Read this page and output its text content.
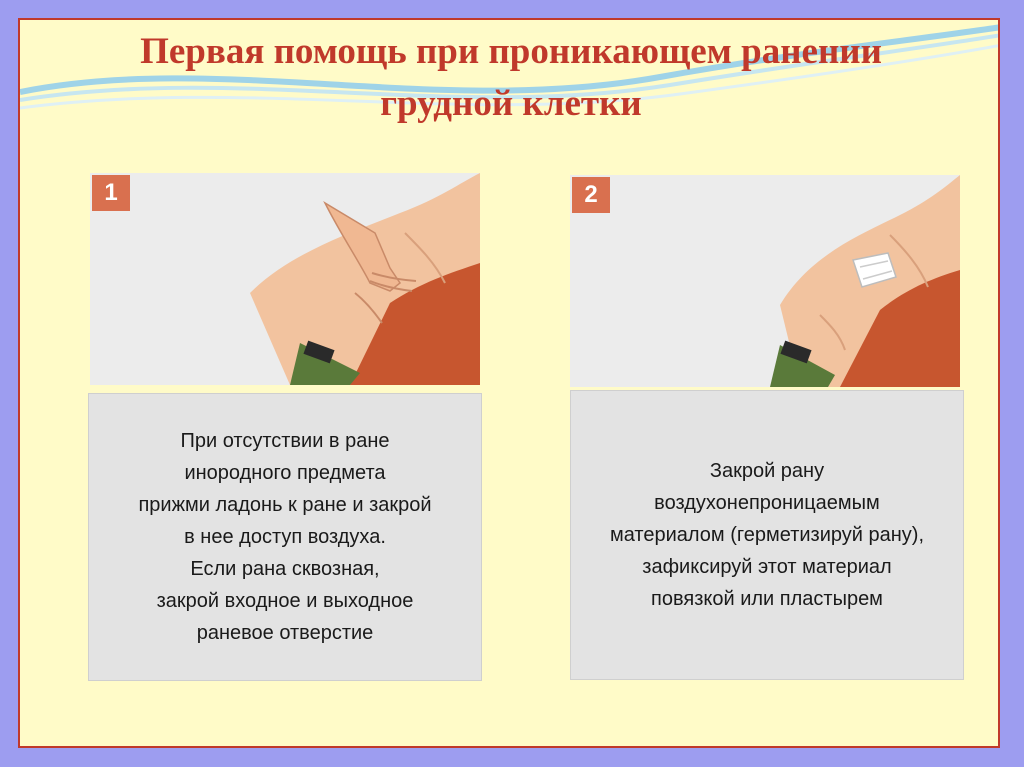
Первая помощь при проникающем ранении
грудной клетки
1	2
При отсутствии в ране
инородного предмета
прижми ладонь к ране и закрой
в нее доступ воздуха.
Если рана сквозная,
закрой входное и выходное
раневое отверстие
Закрой рану
воздухонепроницаемым
материалом (герметизируй рану),
зафиксируй этот материал
повязкой или пластырем
